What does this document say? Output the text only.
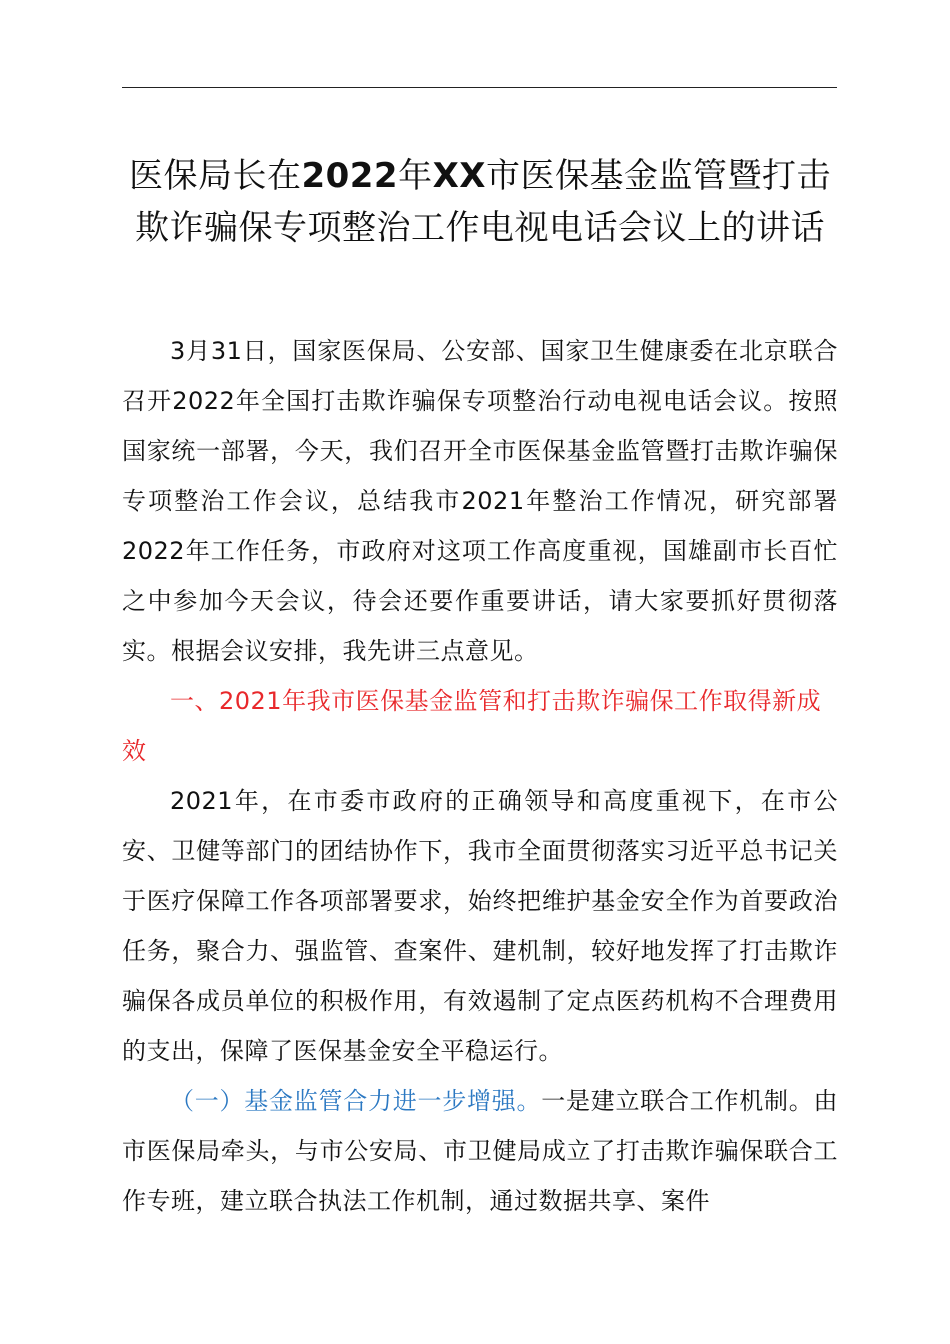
医保局长在2022年XX市医保基金监管暨打击欺诈骗保专项整治工作电视电话会议上的讲话

3月31日，国家医保局、公安部、国家卫生健康委在北京联合召开2022年全国打击欺诈骗保专项整治行动电视电话会议。按照国家统一部署，今天，我们召开全市医保基金监管暨打击欺诈骗保专项整治工作会议，总结我市2021年整治工作情况，研究部署2022年工作任务，市政府对这项工作高度重视，国雄副市长百忙之中参加今天会议，待会还要作重要讲话，请大家要抓好贯彻落实。根据会议安排，我先讲三点意见。

一、2021年我市医保基金监管和打击欺诈骗保工作取得新成效

2021年，在市委市政府的正确领导和高度重视下，在市公安、卫健等部门的团结协作下，我市全面贯彻落实习近平总书记关于医疗保障工作各项部署要求，始终把维护基金安全作为首要政治任务，聚合力、强监管、查案件、建机制，较好地发挥了打击欺诈骗保各成员单位的积极作用，有效遏制了定点医药机构不合理费用的支出，保障了医保基金安全平稳运行。

（一）基金监管合力进一步增强。一是建立联合工作机制。由市医保局牵头，与市公安局、市卫健局成立了打击欺诈骗保联合工作专班，建立联合执法工作机制，通过数据共享、案件
